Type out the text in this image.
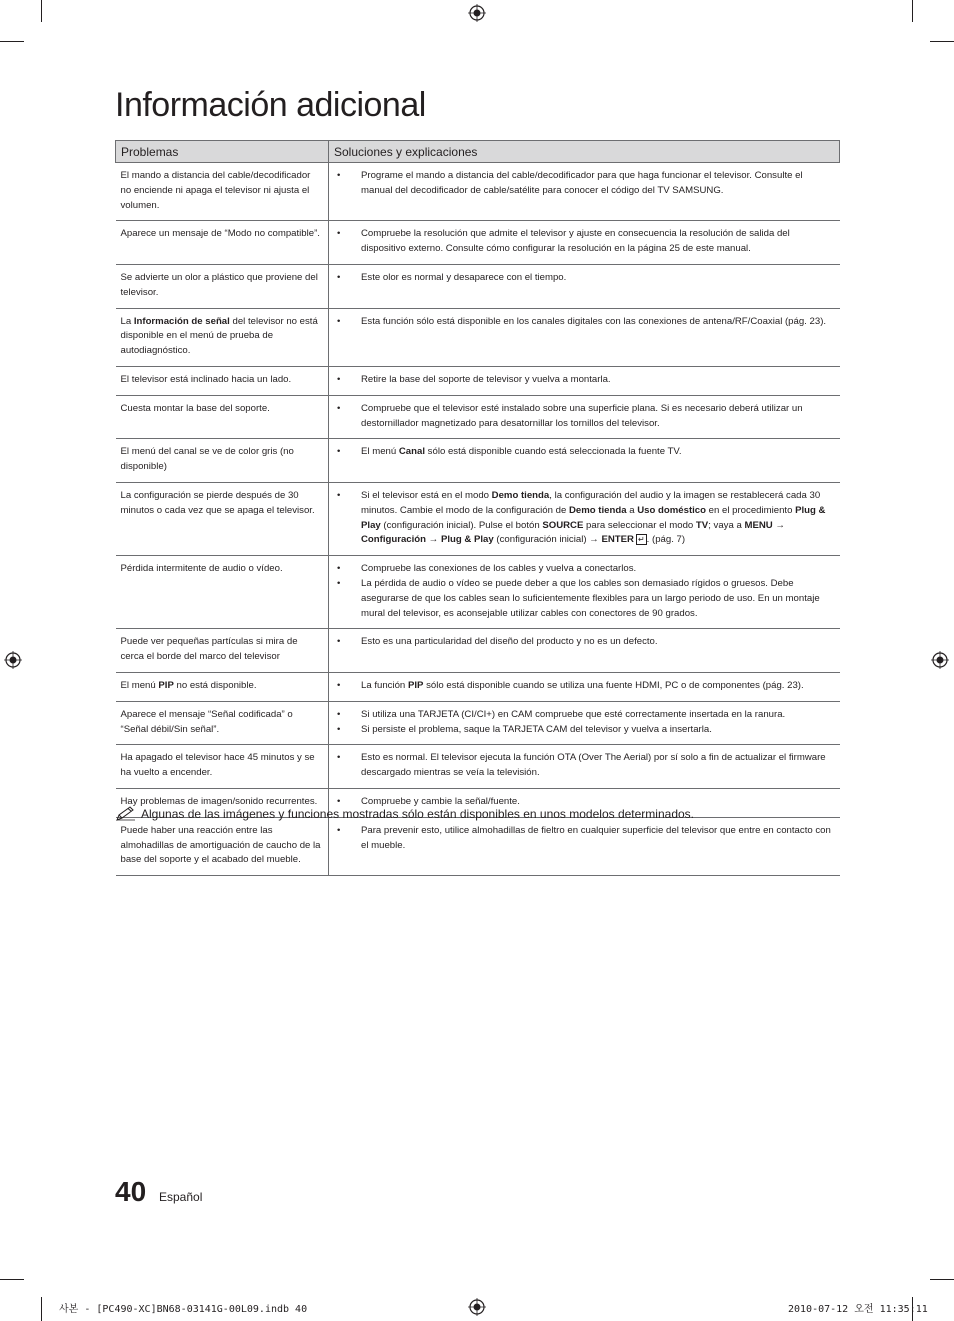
Información adicional
Problemas	Soluciones y explicaciones
El mando a distancia del cable/decodificador no enciende ni apaga el televisor ni ajusta el volumen.	• Programe el mando a distancia del cable/decodificador para que haga funcionar el televisor. Consulte el manual del decodificador de cable/satélite para conocer el código del TV SAMSUNG.

Aparece un mensaje de “Modo no compatible”.	• Compruebe la resolución que admite el televisor y ajuste en consecuencia la resolución de salida del dispositivo externo. Consulte cómo configurar la resolución en la página 25 de este manual.

Se advierte un olor a plástico que proviene del televisor.	• Este olor es normal y desaparece con el tiempo.

La Información de señal del televisor no está disponible en el menú de prueba de autodiagnóstico.	• Esta función sólo está disponible en los canales digitales con las conexiones de antena/RF/Coaxial (pág. 23).

El televisor está inclinado hacia un lado.	• Retire la base del soporte de televisor y vuelva a montarla.

Cuesta montar la base del soporte.	• Compruebe que el televisor esté instalado sobre una superficie plana. Si es necesario deberá utilizar un destornillador magnetizado para desatornillar los tornillos del televisor.

El menú del canal se ve de color gris (no disponible)	• El menú Canal sólo está disponible cuando está seleccionada la fuente TV.

La configuración se pierde después de 30 minutos o cada vez que se apaga el televisor.	• Si el televisor está en el modo Demo tienda, la configuración del audio y la imagen se restablecerá cada 30 minutos. Cambie el modo de la configuración de Demo tienda a Uso doméstico en el procedimiento Plug & Play (configuración inicial). Pulse el botón SOURCE para seleccionar el modo TV; vaya a MENU → Configuración → Plug & Play (configuración inicial) → ENTER ↵ . (pág. 7)

Pérdida intermitente de audio o vídeo.	• Compruebe las conexiones de los cables y vuelva a conectarlos.
• La pérdida de audio o vídeo se puede deber a que los cables son demasiado rígidos o gruesos. Debe asegurarse de que los cables sean lo suficientemente flexibles para un largo periodo de uso. En un montaje mural del televisor, es aconsejable utilizar cables con conectores de 90 grados.

Puede ver pequeñas partículas si mira de cerca el borde del marco del televisor	• Esto es una particularidad del diseño del producto y no es un defecto.

El menú PIP no está disponible.	• La función PIP sólo está disponible cuando se utiliza una fuente HDMI, PC o de componentes (pág. 23).

Aparece el mensaje “Señal codificada” o “Señal débil/Sin señal”.	• Si utiliza una TARJETA (CI/CI+) en CAM compruebe que esté correctamente insertada en la ranura.
• Si persiste el problema, saque la TARJETA CAM del televisor y vuelva a insertarla.

Ha apagado el televisor hace 45 minutos y se ha vuelto a encender.	• Esto es normal. El televisor ejecuta la función OTA (Over The Aerial) por sí solo a fin de actualizar el firmware descargado mientras se veía la televisión.

Hay problemas de imagen/sonido recurrentes.	• Compruebe y cambie la señal/fuente.

Puede haber una reacción entre las almohadillas de amortiguación de caucho de la base del soporte y el acabado del mueble.	• Para prevenir esto, utilice almohadillas de fieltro en cualquier superficie del televisor que entre en contacto con el mueble.
Algunas de las imágenes y funciones mostradas sólo están disponibles en unos modelos determinados.
40 Español
사본 - [PC490-XC]BN68-03141G-00L09.indb 40	2010-07-12 오전 11:35:11
